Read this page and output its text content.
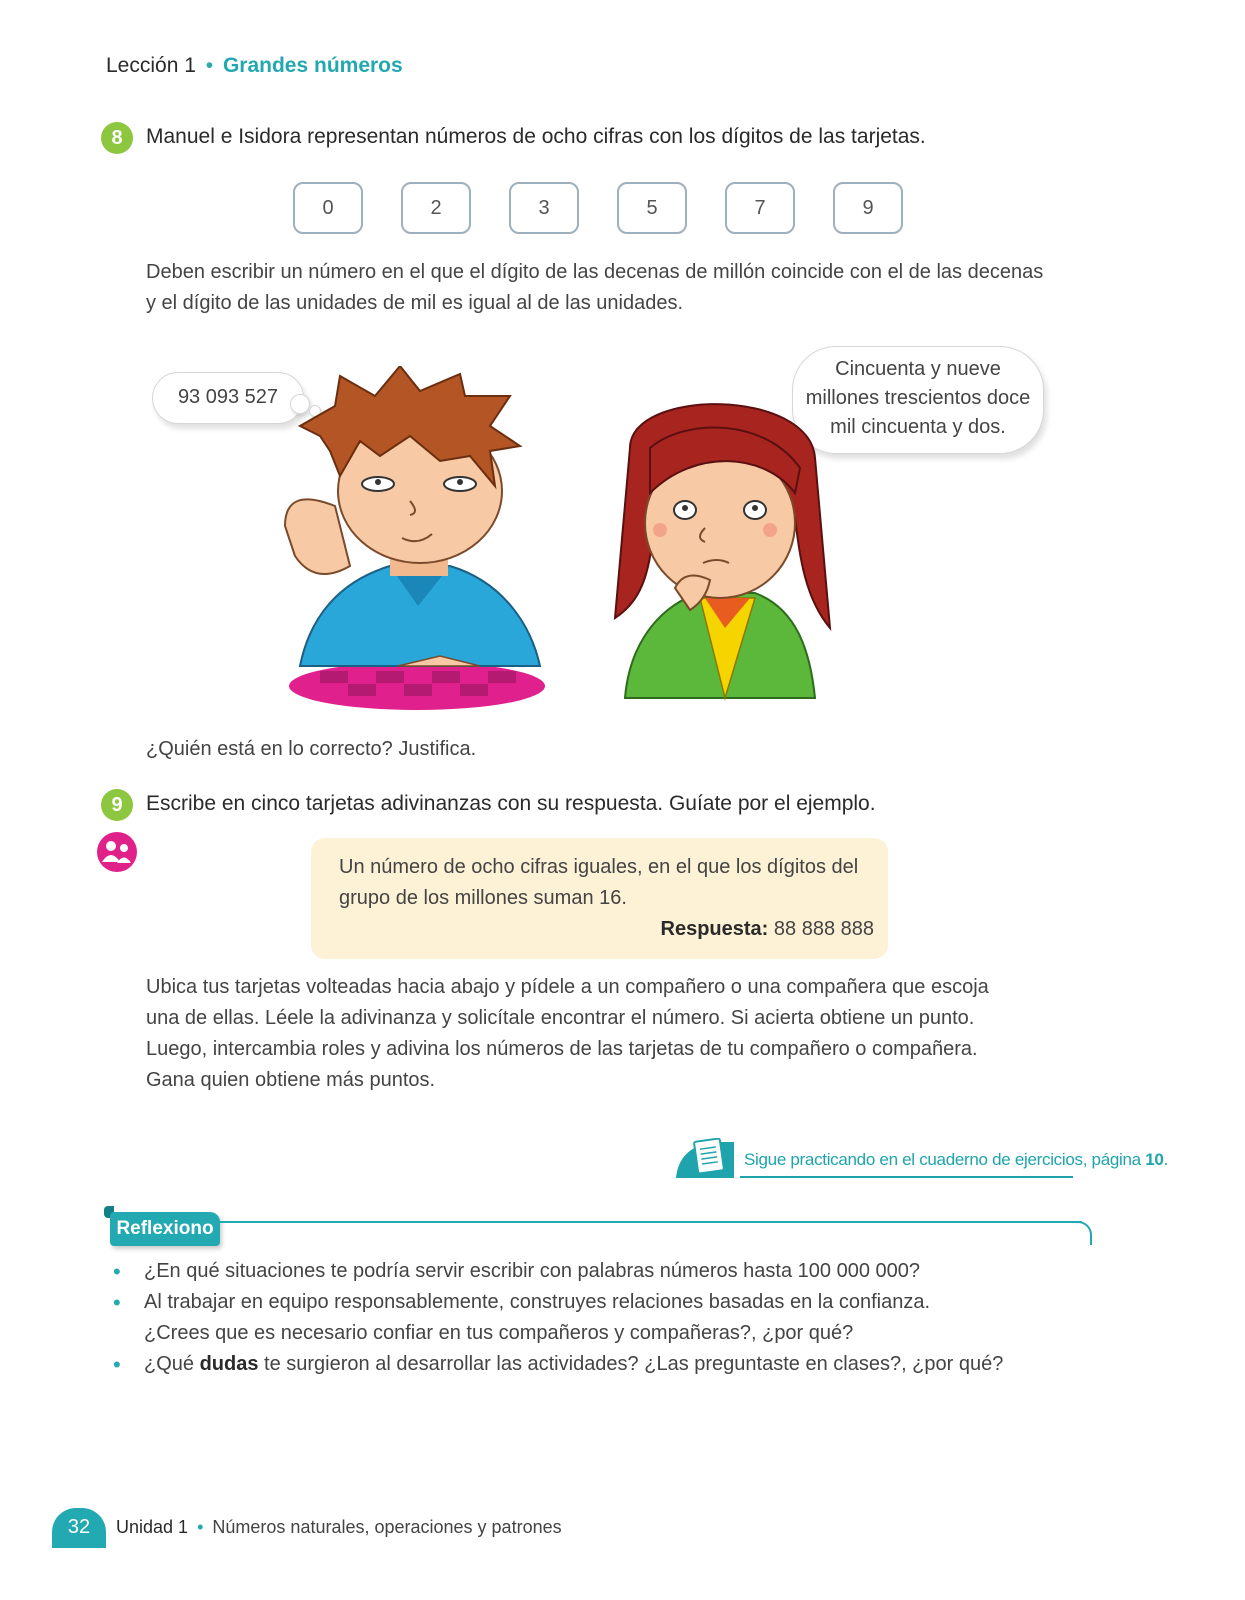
Lección 1 • Grandes números
8	Manuel e Isidora representan números de ocho cifras con los dígitos de las tarjetas.
0	2	3	5	7	9
Deben escribir un número en el que el dígito de las decenas de millón coincide con el de las decenas
y el dígito de las unidades de mil es igual al de las unidades.
93 093 527
Cincuenta y nueve
millones trescientos doce
mil cincuenta y dos.
¿Quién está en lo correcto? Justifica.
9	Escribe en cinco tarjetas adivinanzas con su respuesta. Guíate por el ejemplo.
Un número de ocho cifras iguales, en el que los dígitos del
grupo de los millones suman 16.
Respuesta: 88 888 888
Ubica tus tarjetas volteadas hacia abajo y pídele a un compañero o una compañera que escoja
una de ellas. Léele la adivinanza y solicítale encontrar el número. Si acierta obtiene un punto.
Luego, intercambia roles y adivina los números de las tarjetas de tu compañero o compañera.
Gana quien obtiene más puntos.
Sigue practicando en el cuaderno de ejercicios, página 10.
Reflexiono
• ¿En qué situaciones te podría servir escribir con palabras números hasta 100 000 000?
• Al trabajar en equipo responsablemente, construyes relaciones basadas en la confianza.
¿Crees que es necesario confiar en tus compañeros y compañeras?, ¿por qué?
• ¿Qué dudas te surgieron al desarrollar las actividades? ¿Las preguntaste en clases?, ¿por qué?
32	Unidad 1 • Números naturales, operaciones y patrones
